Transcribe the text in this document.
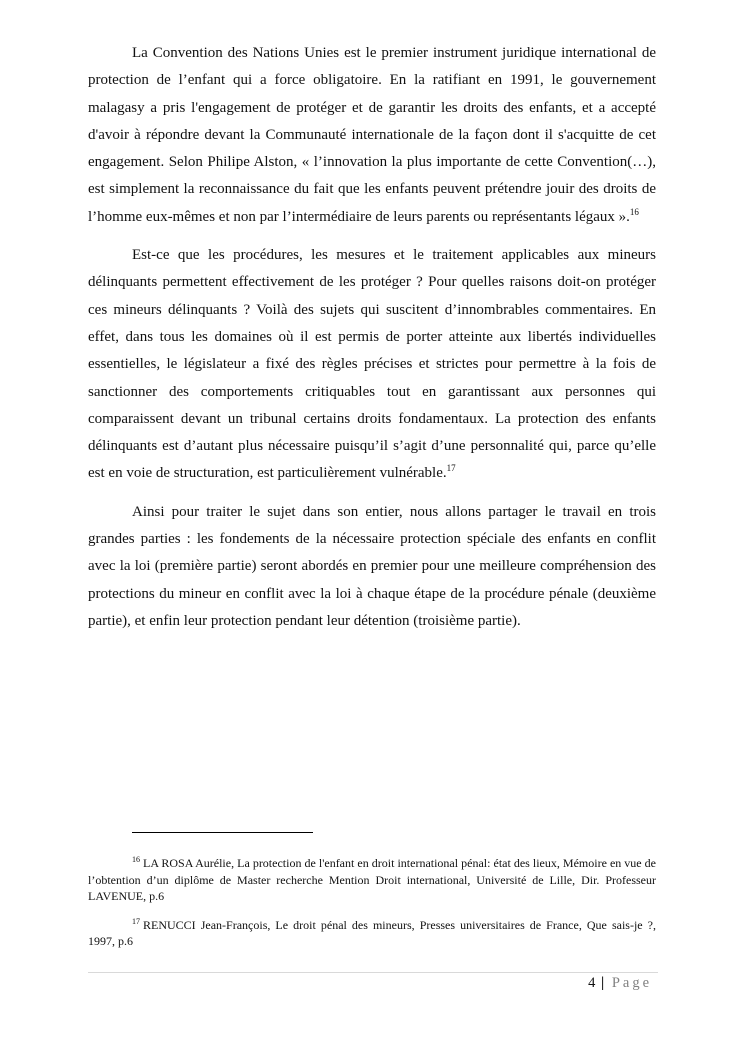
La Convention des Nations Unies est le premier instrument juridique international de protection de l’enfant qui a force obligatoire. En la ratifiant en 1991, le gouvernement malagasy a pris l'engagement de protéger et de garantir les droits des enfants, et a accepté d'avoir à répondre devant la Communauté internationale de la façon dont il s'acquitte de cet engagement. Selon Philipe Alston, « l’innovation la plus importante de cette Convention(…), est simplement la reconnaissance du fait que les enfants peuvent prétendre jouir des droits de l’homme eux-mêmes et non par l’intermédiaire de leurs parents ou représentants légaux ».$^{16}$

Est-ce que les procédures, les mesures et le traitement applicables aux mineurs délinquants permettent effectivement de les protéger ? Pour quelles raisons doit-on protéger ces mineurs délinquants ? Voilà des sujets qui suscitent d’innombrables commentaires. En effet, dans tous les domaines où il est permis de porter atteinte aux libertés individuelles essentielles, le législateur a fixé des règles précises et strictes pour permettre à la fois de sanctionner des comportements critiquables tout en garantissant aux personnes qui comparaissent devant un tribunal certains droits fondamentaux. La protection des enfants délinquants est d’autant plus nécessaire puisqu’il s’agit d’une personnalité qui, parce qu’elle est en voie de structuration, est particulièrement vulnérable.$^{17}$

Ainsi pour traiter le sujet dans son entier, nous allons partager le travail en trois grandes parties : les fondements de la nécessaire protection spéciale des enfants en conflit avec la loi (première partie) seront abordés en premier pour une meilleure compréhension des protections du mineur en conflit avec la loi à chaque étape de la procédure pénale (deuxième partie), et enfin leur protection pendant leur détention (troisième partie).

$^{16}$ LA ROSA Aurélie, La protection de l'enfant en droit international pénal: état des lieux, Mémoire en vue de l’obtention d’un diplôme de Master recherche Mention Droit international, Université de Lille, Dir. Professeur LAVENUE, p.6

$^{17}$ RENUCCI Jean-François, Le droit pénal des mineurs, Presses universitaires de France, Que sais-je ?, 1997, p.6

4 | Page
